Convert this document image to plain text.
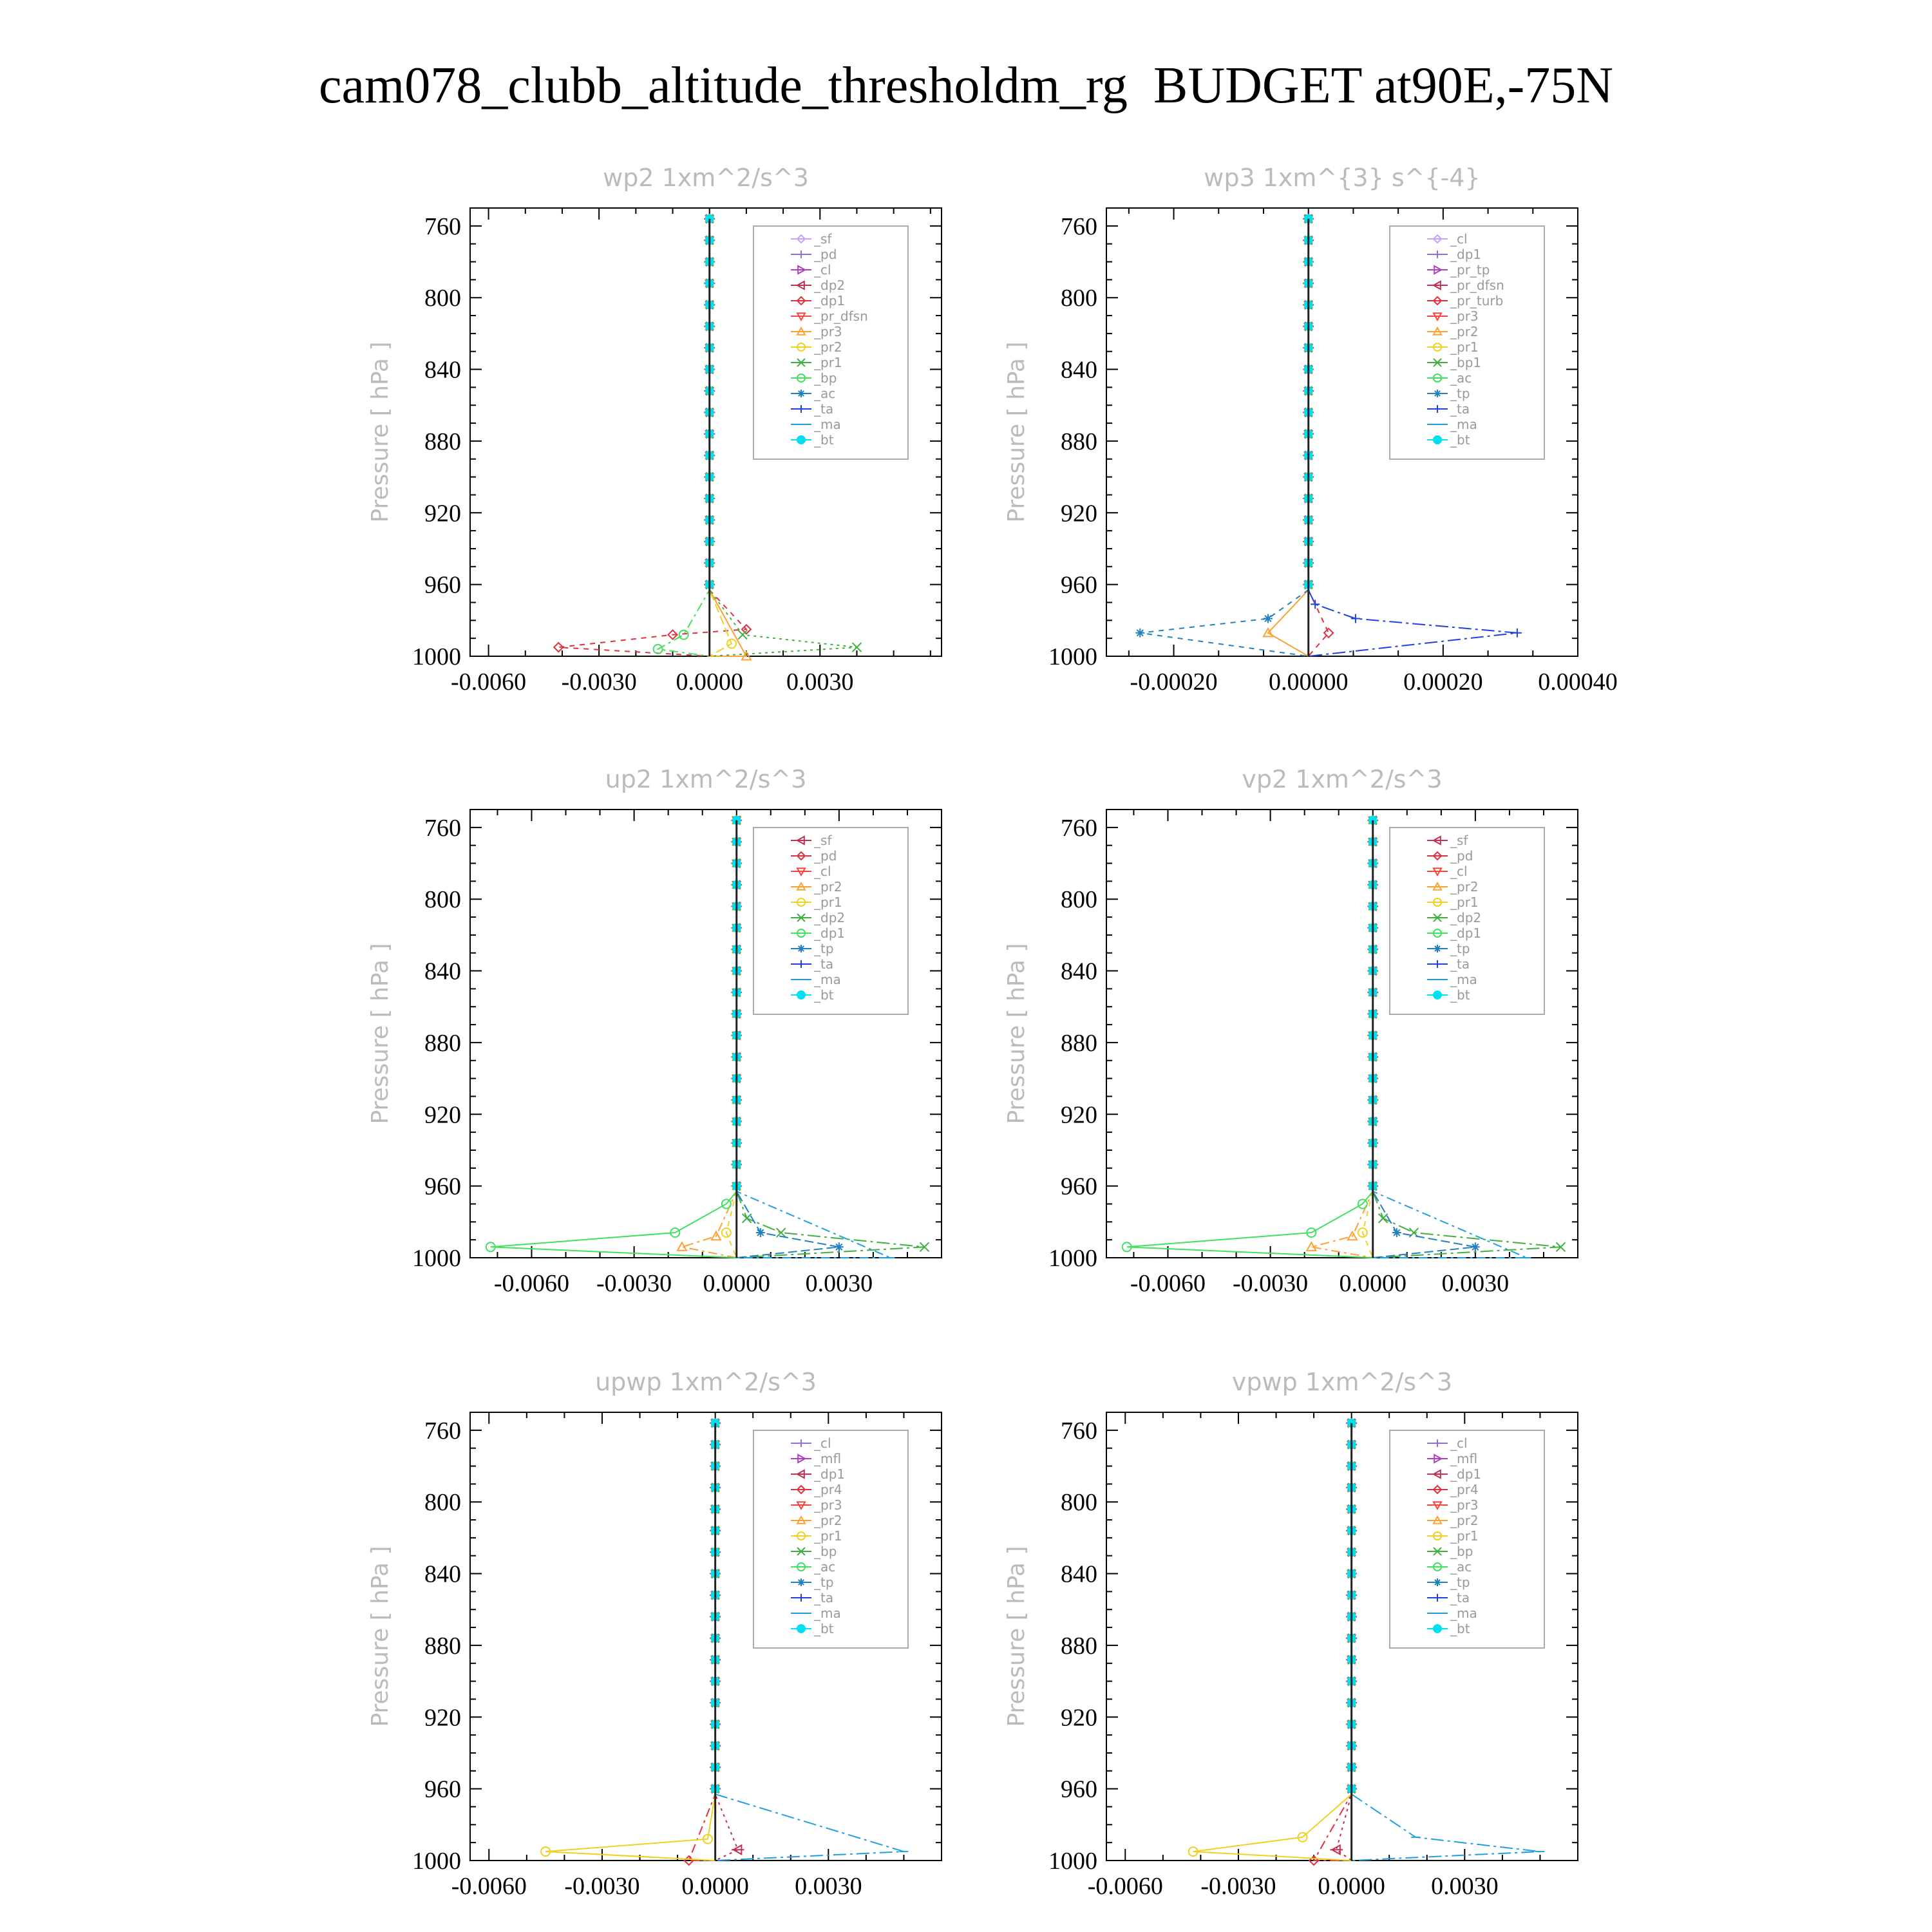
cam078_clubb_altitude_thresholdm_rg  BUDGET at90E,-75N
wp2 1xm^2/s^3
Pressure [ hPa ]
760
800
840
880
920
960
1000
-0.0060 -0.0030 0.0000 0.0030
_sf
_pd
_cl
_dp2
_dp1
_pr_dfsn
_pr3
_pr2
_pr1
_bp
_ac
_ta
_ma
_bt
wp3 1xm^{3} s^{-4}
Pressure [ hPa ]
760
800
840
880
920
960
1000
-0.00020 0.00000 0.00020 0.00040
_cl
_dp1
_pr_tp
_pr_dfsn
_pr_turb
_pr3
_pr2
_pr1
_bp1
_ac
_tp
_ta
_ma
_bt
up2 1xm^2/s^3
Pressure [ hPa ]
760
800
840
880
920
960
1000
-0.0060 -0.0030 0.0000 0.0030
_sf
_pd
_cl
_pr2
_pr1
_dp2
_dp1
_tp
_ta
_ma
_bt
vp2 1xm^2/s^3
Pressure [ hPa ]
760
800
840
880
920
960
1000
-0.0060 -0.0030 0.0000 0.0030
_sf
_pd
_cl
_pr2
_pr1
_dp2
_dp1
_tp
_ta
_ma
_bt
upwp 1xm^2/s^3
Pressure [ hPa ]
760
800
840
880
920
960
1000
-0.0060 -0.0030 0.0000 0.0030
_cl
_mfl
_dp1
_pr4
_pr3
_pr2
_pr1
_bp
_ac
_tp
_ta
_ma
_bt
vpwp 1xm^2/s^3
Pressure [ hPa ]
760
800
840
880
920
960
1000
-0.0060 -0.0030 0.0000 0.0030
_cl
_mfl
_dp1
_pr4
_pr3
_pr2
_pr1
_bp
_ac
_tp
_ta
_ma
_bt
